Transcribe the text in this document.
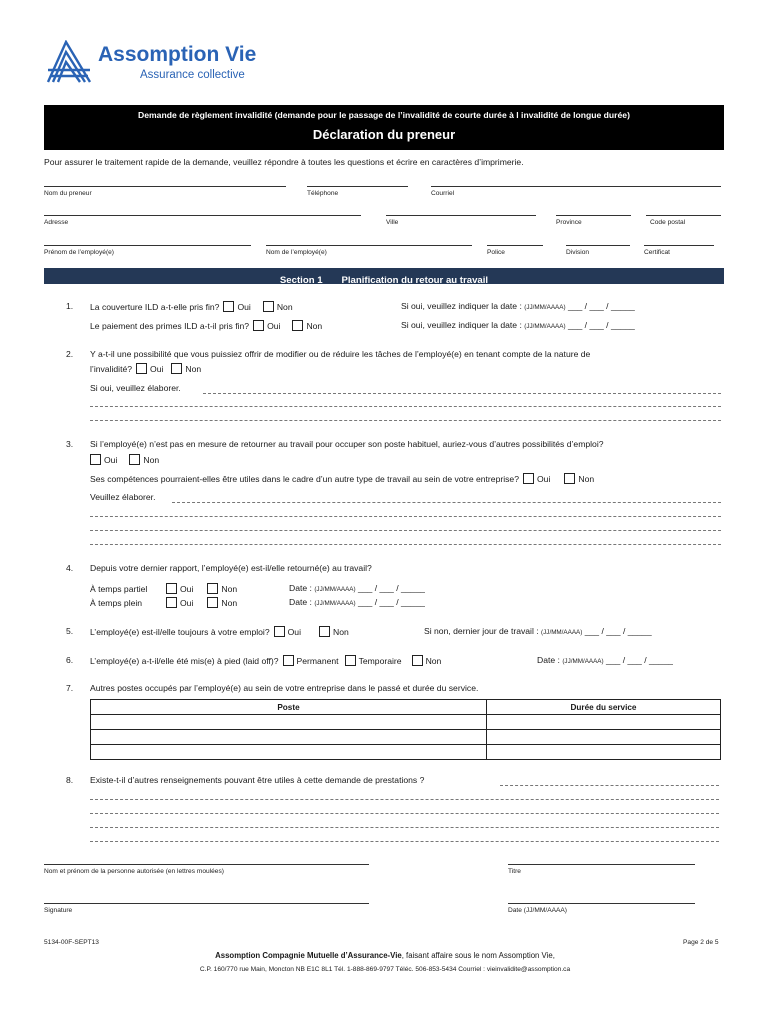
Assomption Vie
Assurance collective
Demande de règlement invalidité (demande pour le passage de l’invalidité de courte durée à l invalidité de longue durée)
Déclaration du preneur
Pour assurer le traitement rapide de la demande, veuillez répondre à toutes les questions et écrire en caractères d’imprimerie.
Nom du preneur	Téléphone	Courriel
Adresse	Ville	Province	Code postal
Prénom de l’employé(e)	Nom de l’employé(e)	Police	Division	Certificat
Section 1 Planification du retour au travail
1. La couverture ILD a-t-elle pris fin? Oui	Non	Si oui, veuillez indiquer la date : (JJ/MM/AAAA) ___ / ___ / _____
Le paiement des primes ILD a-t-il pris fin? Oui	Non	Si oui, veuillez indiquer la date : (JJ/MM/AAAA) ___ / ___ / _____
2. Y a-t-il une possibilité que vous puissiez offrir de modifier ou de réduire les tâches de l’employé(e) en tenant compte de la nature de
l’invalidité? Oui	Non
Si oui, veuillez élaborer.
3. Si l’employé(e) n’est pas en mesure de retourner au travail pour occuper son poste habituel, auriez-vous d’autres possibilités d’emploi?
Oui	Non
Ses compétences pourraient-elles être utiles dans le cadre d’un autre type de travail au sein de votre entreprise? Oui	Non
Veuillez élaborer.
4. Depuis votre dernier rapport, l’employé(e) est-il/elle retourné(e) au travail?
À temps partiel	Oui	Non	Date : (JJ/MM/AAAA) ___ / ___ / _____
À temps plein	Oui	Non	Date : (JJ/MM/AAAA) ___ / ___ / _____
5. L’employé(e) est-il/elle toujours à votre emploi? Oui	Non	Si non, dernier jour de travail : (JJ/MM/AAAA) ___ / ___ / _____
6. L’employé(e) a-t-il/elle été mis(e) à pied (laid off)? Permanent Temporaire	Non	Date : (JJ/MM/AAAA) ___ / ___ / _____
7. Autres postes occupés par l’employé(e) au sein de votre entreprise dans le passé et durée du service.
Poste	Durée du service

8. Existe-t-il d’autres renseignements pouvant être utiles à cette demande de prestations ?
Nom et prénom de la personne autorisée (en lettres moulées)	Titre
Signature	Date (JJ/MM/AAAA)
5134-00F-SEPT13	Page 2 de 5
Assomption Compagnie Mutuelle d’Assurance-Vie, faisant affaire sous le nom Assomption Vie,
C.P. 160/770 rue Main, Moncton NB E1C 8L1 Tél. 1-888-869-9797 Téléc. 506-853-5434 Courriel : vieinvalidite@assomption.ca
